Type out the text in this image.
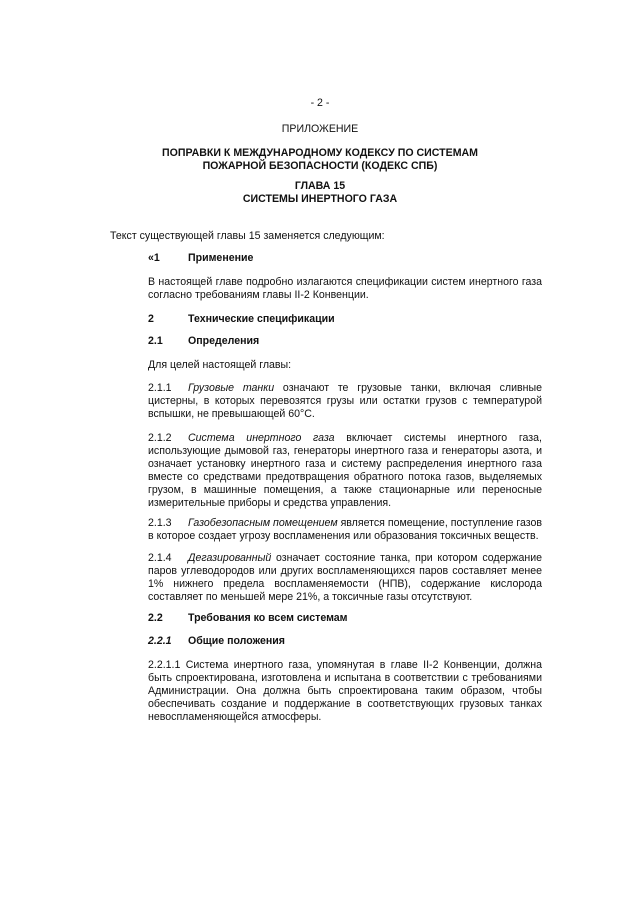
- 2 -
ПРИЛОЖЕНИЕ
ПОПРАВКИ К МЕЖДУНАРОДНОМУ КОДЕКСУ ПО СИСТЕМАМ
ПОЖАРНОЙ БЕЗОПАСНОСТИ (КОДЕКС СПБ)
ГЛАВА 15
СИСТЕМЫ ИНЕРТНОГО ГАЗА
Текст существующей главы 15 заменяется следующим:
«1	Применение
В настоящей главе подробно излагаются спецификации систем инертного газа согласно требованиям главы II-2 Конвенции.
2	Технические спецификации
2.1 Определения
Для целей настоящей главы:
2.1.1 Грузовые танки означают те грузовые танки, включая сливные цистерны, в которых перевозятся грузы или остатки грузов с температурой вспышки, не превышающей 60°С.
2.1.2 Система инертного газа включает системы инертного газа, использующие дымовой газ, генераторы инертного газа и генераторы азота, и означает установку инертного газа и систему распределения инертного газа вместе со средствами предотвращения обратного потока газов, выделяемых грузом, в машинные помещения, а также стационарные или переносные измерительные приборы и средства управления.
2.1.3 Газобезопасным помещением является помещение, поступление газов в которое создает угрозу воспламенения или образования токсичных веществ.
2.1.4 Дегазированный означает состояние танка, при котором содержание паров углеводородов или других воспламеняющихся паров составляет менее 1% нижнего предела воспламеняемости (НПВ), содержание кислорода составляет по меньшей мере 21%, а токсичные газы отсутствуют.
2.2 Требования ко всем системам
2.2.1 Общие положения
2.2.1.1 Система инертного газа, упомянутая в главе II-2 Конвенции, должна быть спроектирована, изготовлена и испытана в соответствии с требованиями Администрации. Она должна быть спроектирована таким образом, чтобы обеспечивать создание и поддержание в соответствующих грузовых танках невоспламеняющейся атмосферы.
